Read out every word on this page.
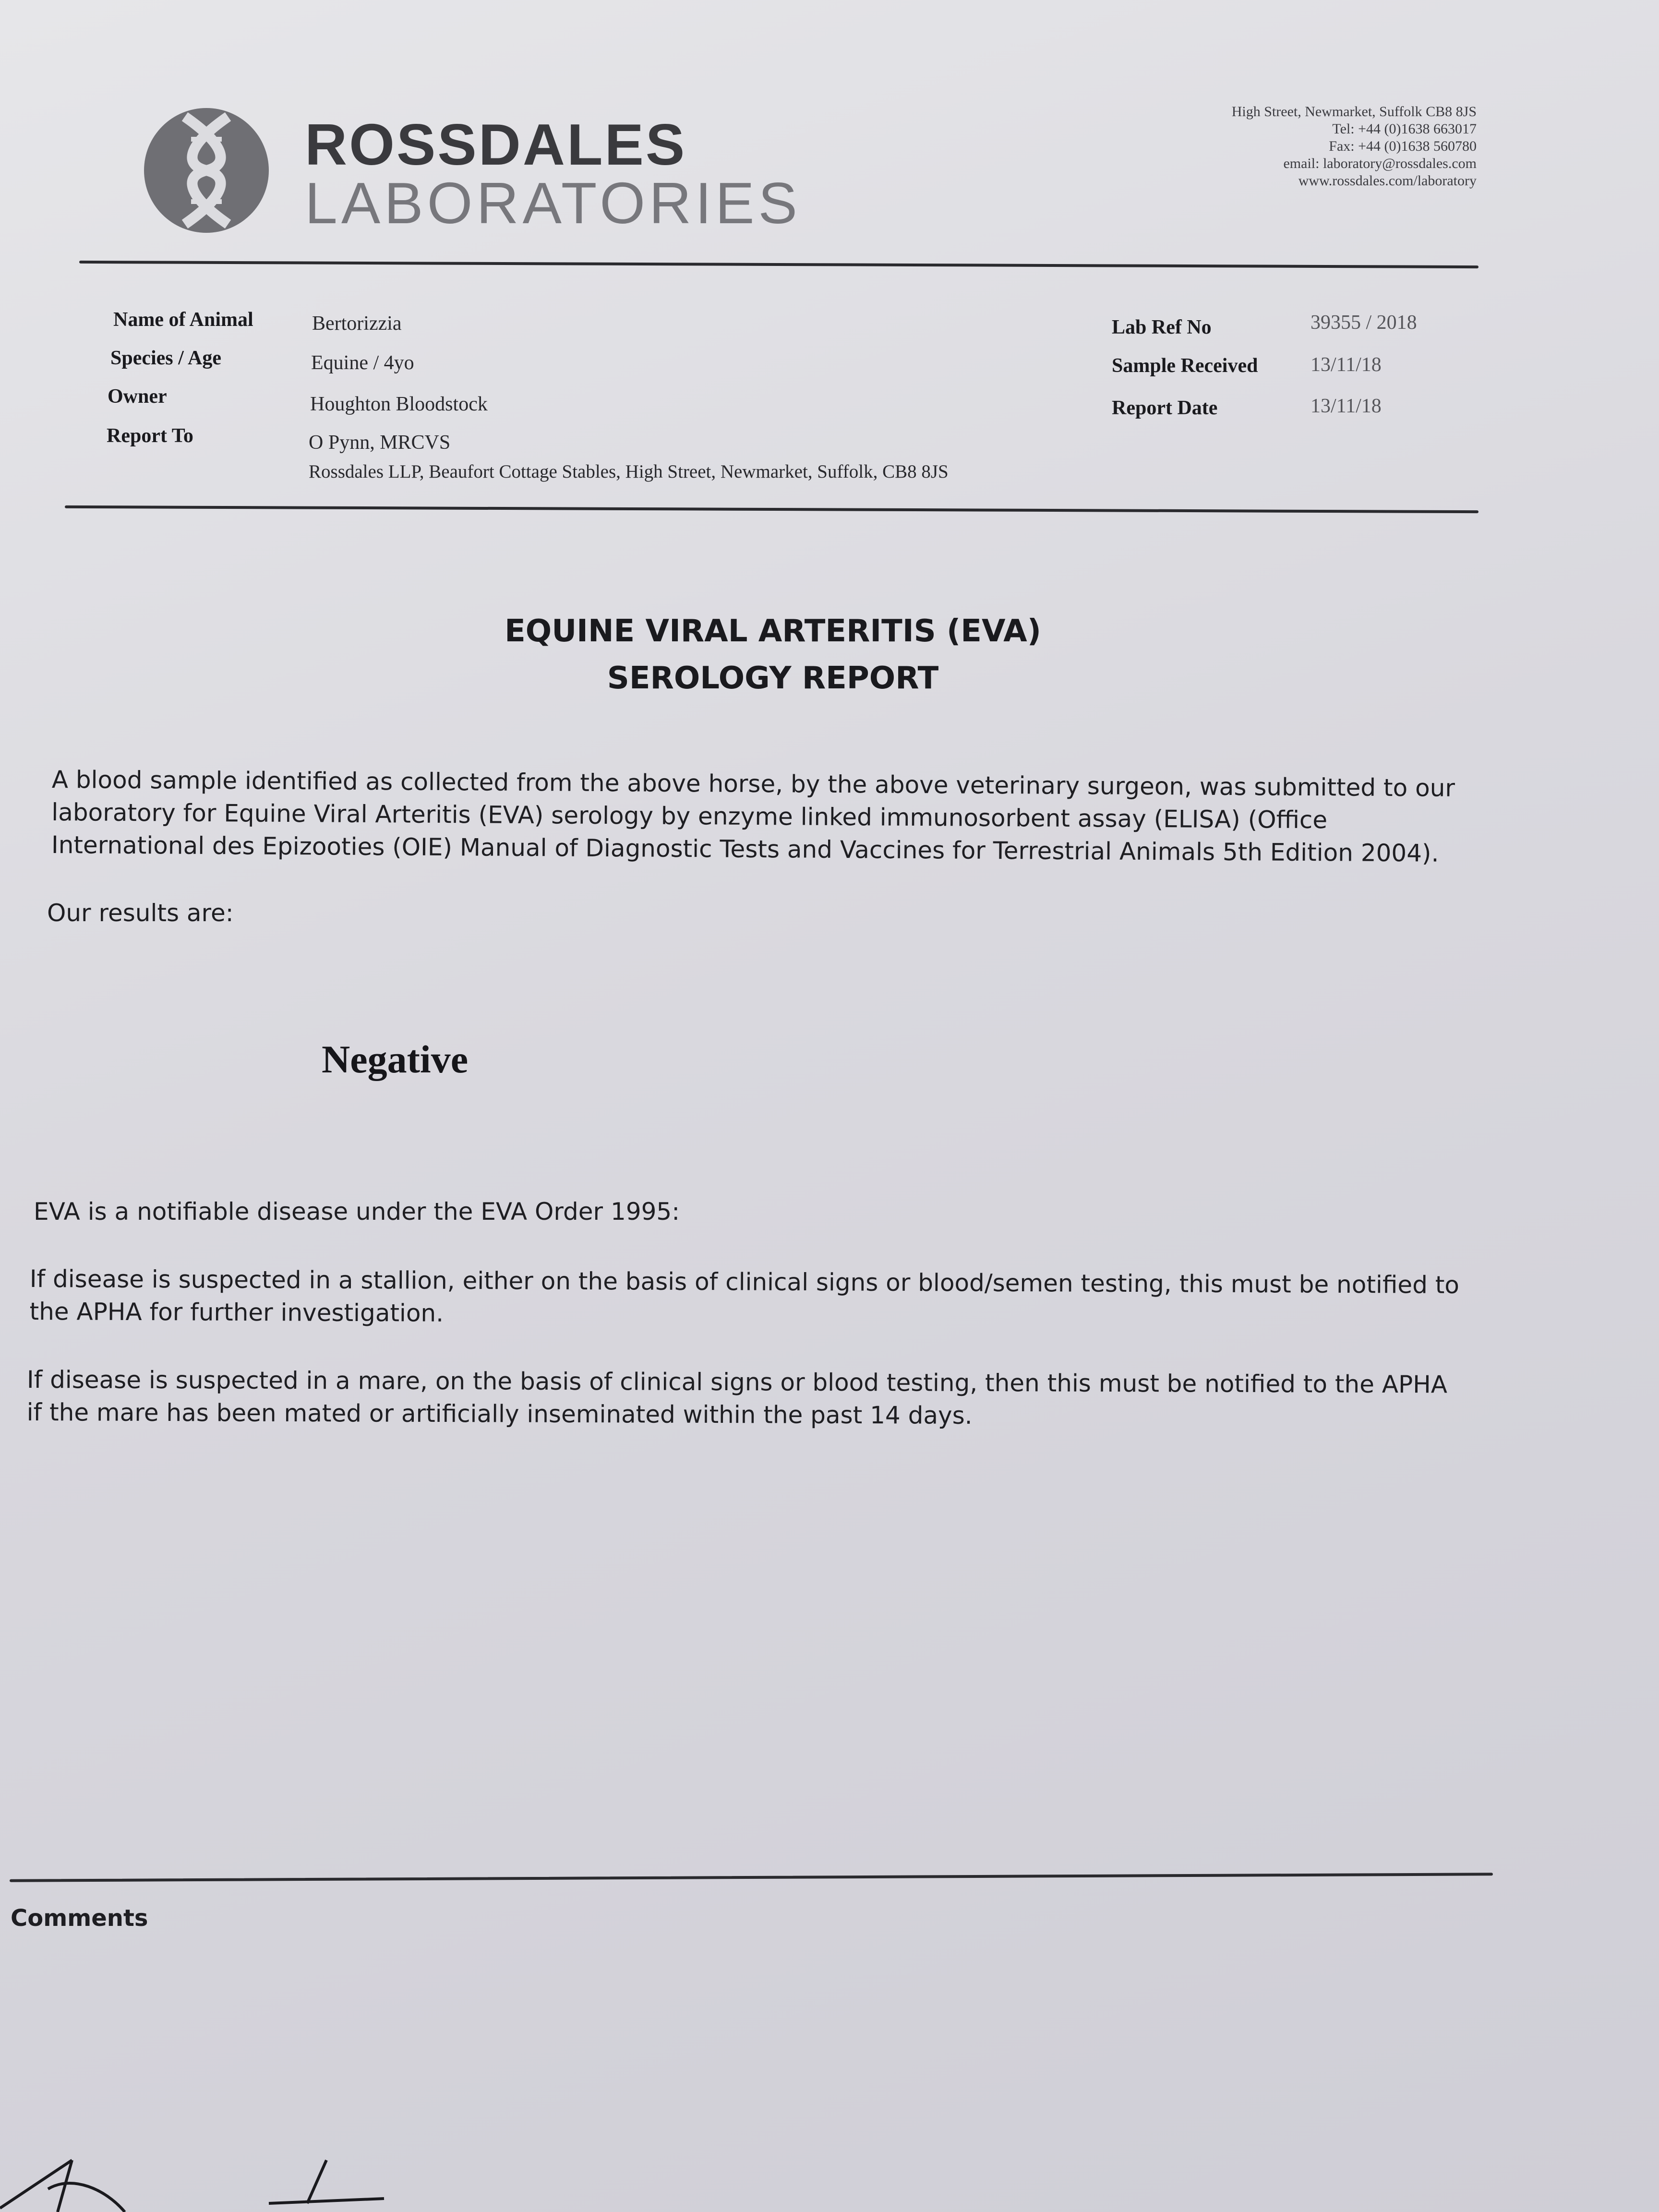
ROSSDALES
LABORATORIES
High Street, Newmarket, Suffolk CB8 8JS
Tel: +44 (0)1638 663017
Fax: +44 (0)1638 560780
email: laboratory@rossdales.com
www.rossdales.com/laboratory
Name of Animal	Bertorizzia
Species / Age	Equine / 4yo
Owner	Houghton Bloodstock
Report To	O Pynn, MRCVS
Rossdales LLP, Beaufort Cottage Stables, High Street, Newmarket, Suffolk, CB8 8JS
Lab Ref No	39355 / 2018
Sample Received	13/11/18
Report Date	13/11/18
EQUINE VIRAL ARTERITIS (EVA)
SEROLOGY REPORT
A blood sample identified as collected from the above horse, by the above veterinary surgeon, was submitted to our
laboratory for Equine Viral Arteritis (EVA) serology by enzyme linked immunosorbent assay (ELISA) (Office
International des Epizooties (OIE) Manual of Diagnostic Tests and Vaccines for Terrestrial Animals 5th Edition 2004).
Our results are:
Negative
EVA is a notifiable disease under the EVA Order 1995:
If disease is suspected in a stallion, either on the basis of clinical signs or blood/semen testing, this must be notified to
the APHA for further investigation.
If disease is suspected in a mare, on the basis of clinical signs or blood testing, then this must be notified to the APHA
if the mare has been mated or artificially inseminated within the past 14 days.
Comments
